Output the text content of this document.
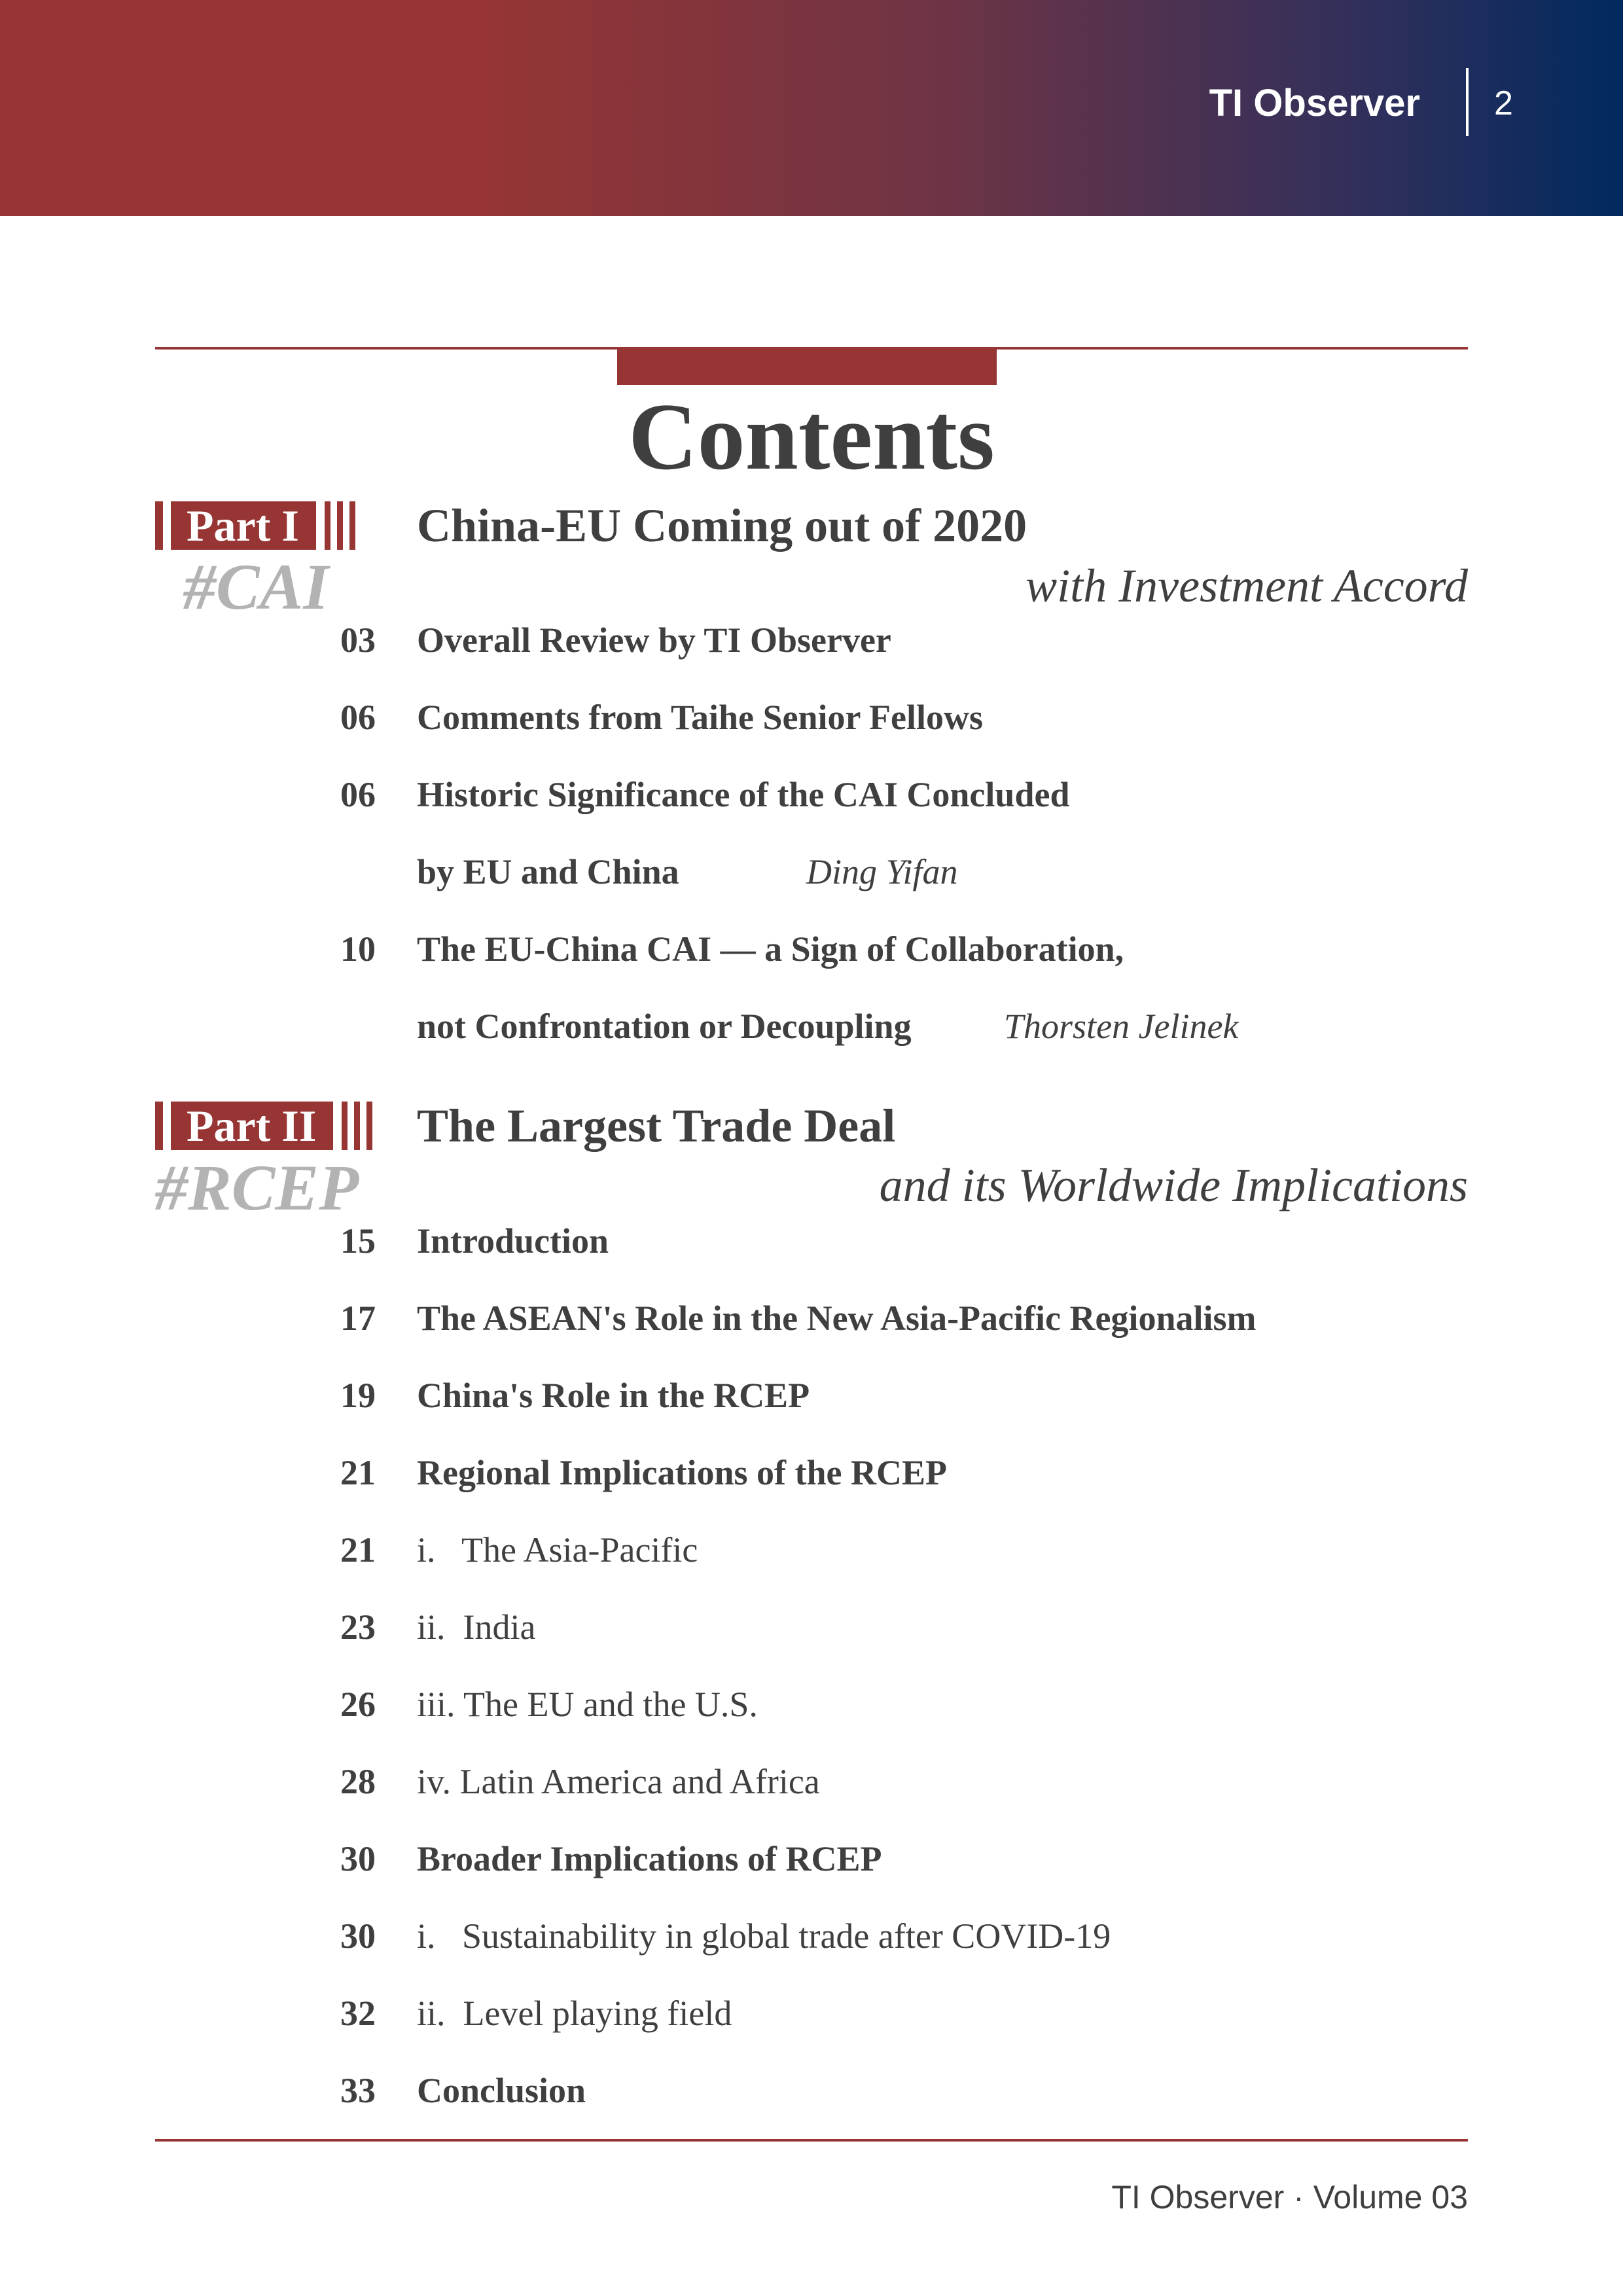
TI Observer 2
Contents
Part I
#CAI
China-EU Coming out of 2020
with Investment Accord
03 Overall Review by TI Observer
06 Comments from Taihe Senior Fellows
06 Historic Significance of the CAI Concluded
by EU and China	Ding Yifan
10 The EU-China CAI — a Sign of Collaboration,
not Confrontation or Decoupling	Thorsten Jelinek
Part II
#RCEP
The Largest Trade Deal
and its Worldwide Implications
15 Introduction
17 The ASEAN's Role in the New Asia-Pacific Regionalism
19 China's Role in the RCEP
21 Regional Implications of the RCEP
21 i.   The Asia-Pacific
23 ii.  India
26 iii. The EU and the U.S.
28 iv. Latin America and Africa
30 Broader Implications of RCEP
30 i.   Sustainability in global trade after COVID-19
32 ii.  Level playing field
33 Conclusion
TI Observer · Volume 03
